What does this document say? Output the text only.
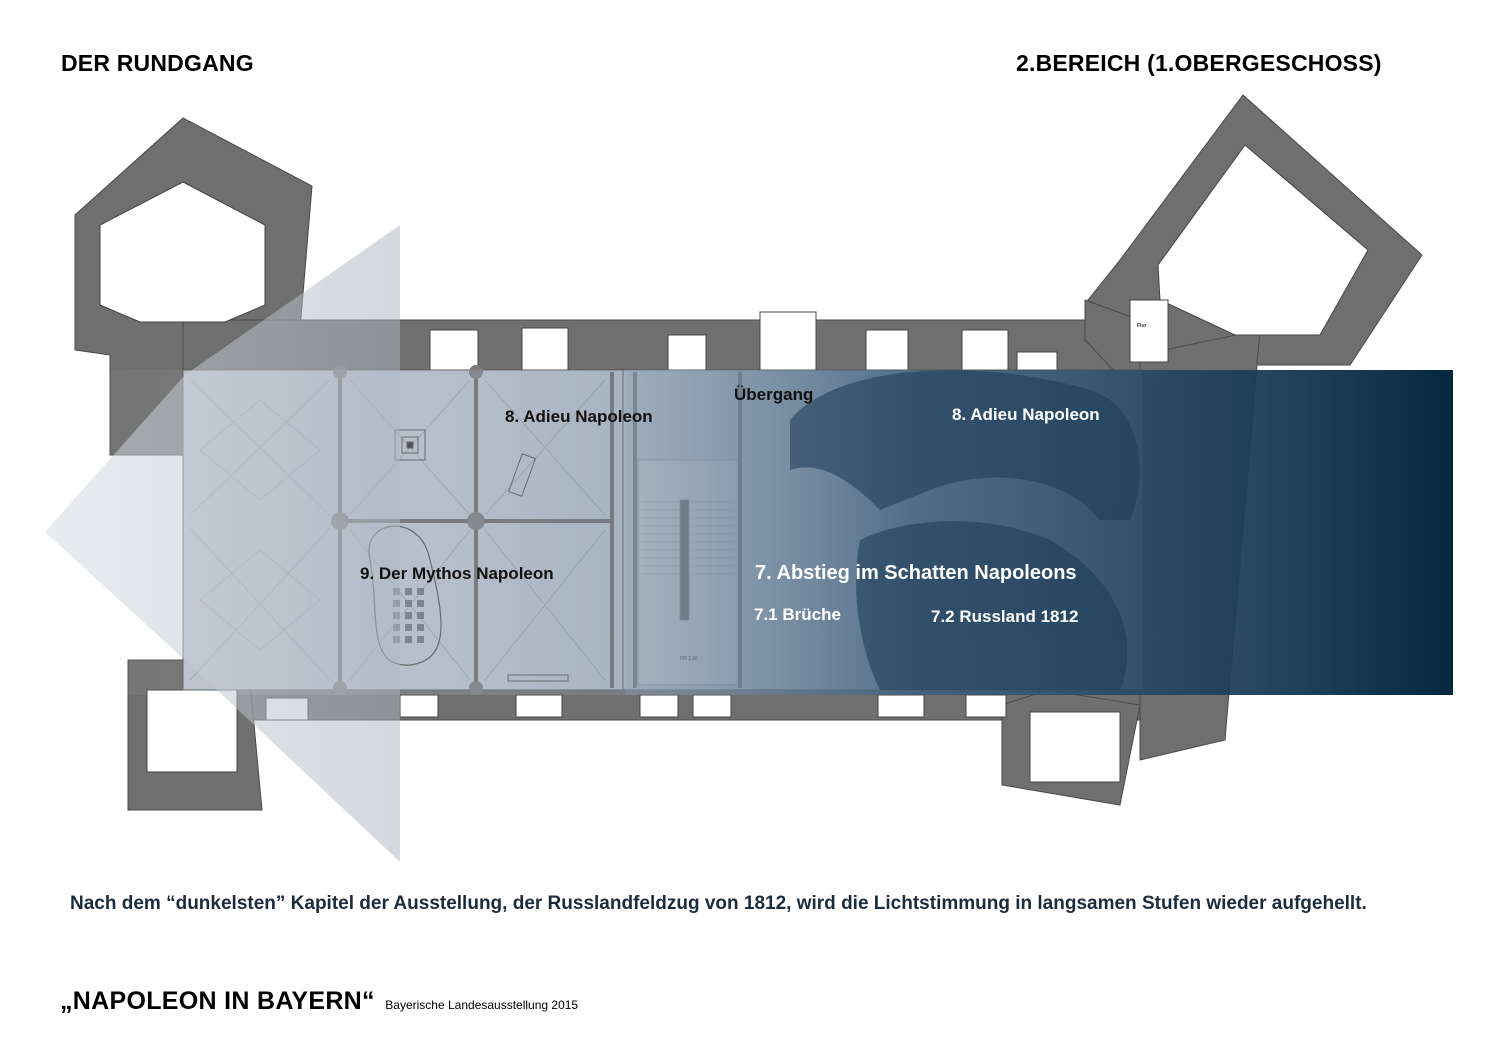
DER RUNDGANG	2.BEREICH (1.OBERGESCHOSS)
8. Adieu Napoleon
Übergang
8. Adieu Napoleon
9. Der Mythos Napoleon	7. Abstieg im Schatten Napoleons
7.1 Brüche	7.2 Russland 1812
Flur
Nach dem “dunkelsten” Kapitel der Ausstellung, der Russlandfeldzug von 1812, wird die Lichtstimmung in langsamen Stufen wieder aufgehellt.
„NAPOLEON IN BAYERN“ Bayerische Landesausstellung 2015
